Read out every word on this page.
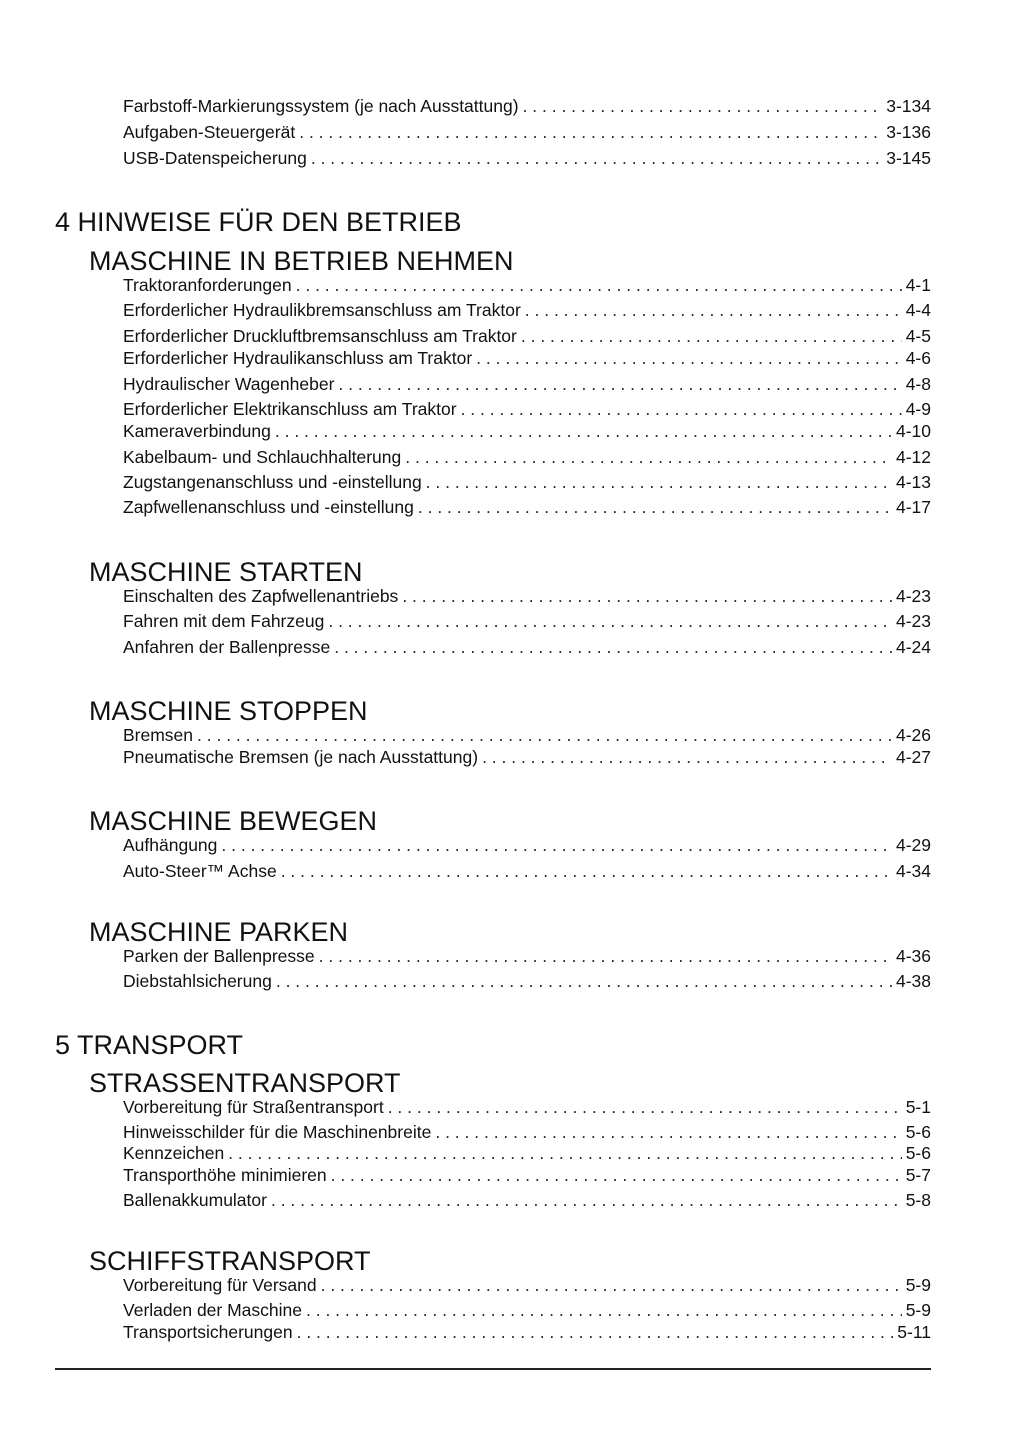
Farbstoff-Markierungssystem (je nach Ausstattung) . . .	3-134
Aufgaben-Steuergerät . . .	3-136
USB-Datenspeicherung . . .	3-145
4 HINWEISE FÜR DEN BETRIEB
MASCHINE IN BETRIEB NEHMEN
Traktoranforderungen . . .	4-1
Erforderlicher Hydraulikbremsanschluss am Traktor . . .	4-4
Erforderlicher Druckluftbremsanschluss am Traktor . . .	4-5
Erforderlicher Hydraulikanschluss am Traktor . . .	4-6
Hydraulischer Wagenheber . . .	4-8
Erforderlicher Elektrikanschluss am Traktor . . .	4-9
Kameraverbindung . . .	4-10
Kabelbaum- und Schlauchhalterung . . .	4-12
Zugstangenanschluss und -einstellung . . .	4-13
Zapfwellenanschluss und -einstellung . . .	4-17
MASCHINE STARTEN
Einschalten des Zapfwellenantriebs . . .	4-23
Fahren mit dem Fahrzeug . . .	4-23
Anfahren der Ballenpresse . . .	4-24
MASCHINE STOPPEN
Bremsen . . .	4-26
Pneumatische Bremsen (je nach Ausstattung) . . .	4-27
MASCHINE BEWEGEN
Aufhängung . . .	4-29
Auto-Steer™ Achse . . .	4-34
MASCHINE PARKEN
Parken der Ballenpresse . . .	4-36
Diebstahlsicherung . . .	4-38
5 TRANSPORT
STRASSENTRANSPORT
Vorbereitung für Straßentransport . . .	5-1
Hinweisschilder für die Maschinenbreite . . .	5-6
Kennzeichen . . .	5-6
Transporthöhe minimieren . . .	5-7
Ballenakkumulator . . .	5-8
SCHIFFSTRANSPORT
Vorbereitung für Versand . . .	5-9
Verladen der Maschine . . .	5-9
Transportsicherungen . . .	5-11
